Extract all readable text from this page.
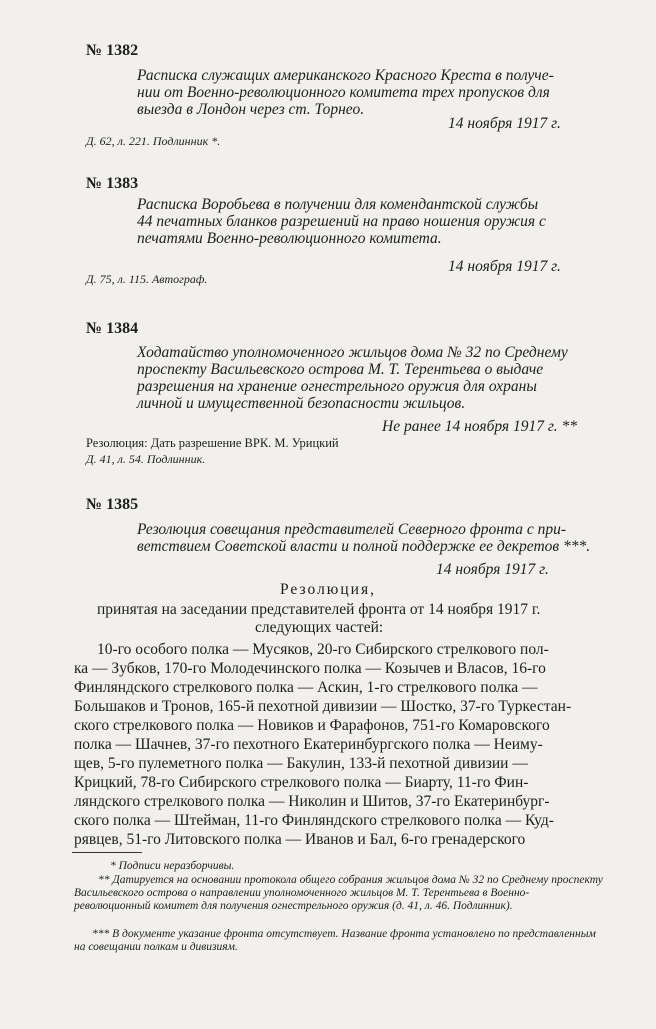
№ 1382
Расписка служащих американского Красного Креста в получе-
нии от Военно-революционного комитета трех пропусков для
выезда в Лондон через ст. Торнео.
14 ноября 1917 г.
Д. 62, л. 221. Подлинник *.
№ 1383
Расписка Воробьева в получении для комендантской службы
44 печатных бланков разрешений на право ношения оружия с
печатями Военно-революционного комитета.
14 ноября 1917 г.
Д. 75, л. 115. Автограф.
№ 1384
Ходатайство уполномоченного жильцов дома № 32 по Среднему
проспекту Васильевского острова М. Т. Терентьева о выдаче
разрешения на хранение огнестрельного оружия для охраны
личной и имущественной безопасности жильцов.
Не ранее 14 ноября 1917 г. **
Резолюция: Дать разрешение ВРК. М. Урицкий
Д. 41, л. 54. Подлинник.
№ 1385
Резолюция совещания представителей Северного фронта с при-
ветствием Советской власти и полной поддержке ее декретов ***.
14 ноября 1917 г.
Резолюция,
принятая на заседании представителей фронта от 14 ноября 1917 г.
следующих частей:
10-го особого полка — Мусяков, 20-го Сибирского стрелкового пол-
ка — Зубков, 170-го Молодечинского полка — Козычев и Власов, 16-го
Финляндского стрелкового полка — Аскин, 1-го стрелкового полка —
Большаков и Тронов, 165-й пехотной дивизии — Шостко, 37-го Туркестан-
ского стрелкового полка — Новиков и Фарафонов, 751-го Комаровского
полка — Шачнев, 37-го пехотного Екатеринбургского полка — Неиму-
щев, 5-го пулеметного полка — Бакулин, 133-й пехотной дивизии —
Крицкий, 78-го Сибирского стрелкового полка — Биарту, 11-го Фин-
ляндского стрелкового полка — Николин и Шитов, 37-го Екатеринбург-
ского полка — Штейман, 11-го Финляндского стрелкового полка — Куд-
рявцев, 51-го Литовского полка — Иванов и Бал, 6-го гренадерского
* Подписи неразборчивы.
** Датируется на основании протокола общего собрания жильцов дома № 32 по Среднему проспекту Васильевского острова о направлении уполномоченного жильцов М. Т. Терентьева в Военно-революционный комитет для получения огнестрельного оружия (д. 41, л. 46. Подлинник).
*** В документе указание фронта отсутствует. Название фронта установлено по представленным на совещании полкам и дивизиям.
